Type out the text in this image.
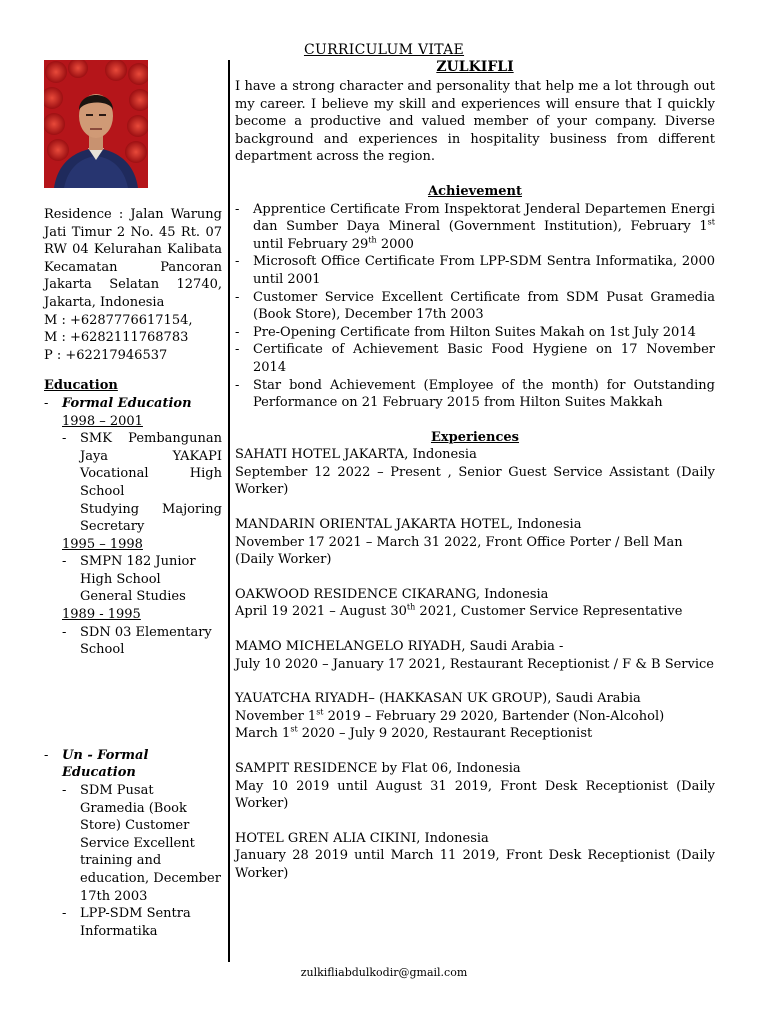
CURRICULUM VITAE
ZULKIFLI
Residence : Jalan Warung Jati Timur 2 No. 45 Rt. 07 RW 04 Kelurahan Kalibata Kecamatan Pancoran Jakarta Selatan 12740, Jakarta, Indonesia
M : +6287776617154,
M : +6282111768783
P : +62217946537
Education
- Formal Education
1998 – 2001
- SMK Pembangunan Jaya YAKAPI Vocational High School
Studying Majoring Secretary
1995 – 1998
- SMPN 182 Junior High School
General Studies
1989 - 1995
- SDN 03 Elementary School
- Un - Formal Education
- SDM Pusat Gramedia (Book Store) Customer Service Excellent training and education, December 17th 2003
- LPP-SDM Sentra Informatika
I have a strong character and personality that help me a lot through out my career. I believe my skill and experiences will ensure that I quickly become a productive and valued member of your company. Diverse background and experiences in hospitality business from different department across the region.
Achievement
- Apprentice Certificate From Inspektorat Jenderal Departemen Energi dan Sumber Daya Mineral (Government Institution), February 1st until February 29th 2000
- Microsoft Office Certificate From LPP-SDM Sentra Informatika, 2000 until 2001
- Customer Service Excellent Certificate from SDM Pusat Gramedia (Book Store), December 17th 2003
- Pre-Opening Certificate from Hilton Suites Makah on 1st July 2014
- Certificate of Achievement Basic Food Hygiene on 17 November 2014
- Star bond Achievement (Employee of the month) for Outstanding Performance on 21 February 2015 from Hilton Suites Makkah
Experiences
SAHATI HOTEL JAKARTA, Indonesia
September 12 2022 – Present , Senior Guest Service Assistant (Daily Worker)
MANDARIN ORIENTAL JAKARTA HOTEL, Indonesia
November 17 2021 – March 31 2022, Front Office Porter / Bell Man (Daily Worker)
OAKWOOD RESIDENCE CIKARANG, Indonesia
April 19 2021 – August 30th 2021, Customer Service Representative
MAMO MICHELANGELO RIYADH, Saudi Arabia -
July 10 2020 – January 17 2021, Restaurant Receptionist / F & B Service
YAUATCHA RIYADH– (HAKKASAN UK GROUP), Saudi Arabia
November 1st 2019 – February 29 2020, Bartender (Non-Alcohol)
March 1st 2020 – July 9 2020, Restaurant Receptionist
SAMPIT RESIDENCE by Flat 06, Indonesia
May 10 2019 until August 31 2019, Front Desk Receptionist (Daily Worker)
HOTEL GREN ALIA CIKINI, Indonesia
January 28 2019 until March 11 2019, Front Desk Receptionist (Daily Worker)
zulkifliabdulkodir@gmail.com
